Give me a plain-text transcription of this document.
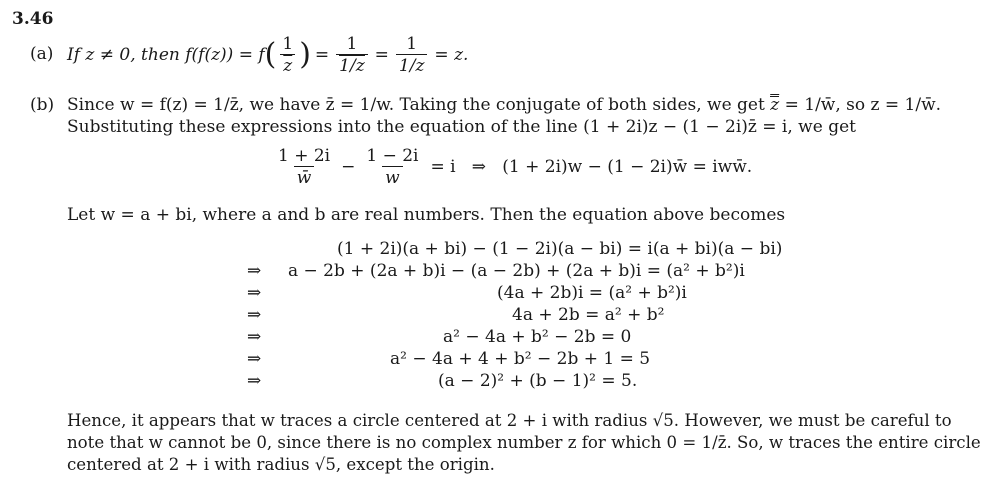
3.46
(a) If z ≠ 0, then f(f(z)) = f ( $\frac{1}{z}$ ) = $\frac{1}{1/z} = \frac{1}{1/z} = z$.
(b) Since w = f(z) = 1/z̄, we have z̄ = 1/w. Taking the conjugate of both sides, we get $\overline{z}$ = 1/w̄, so z = 1/w̄.
Substituting these expressions into the equation of the line (1 + 2i)z − (1 − 2i)z̄ = i, we get
$\frac{1 + 2i}{w̄} - \frac{1 - 2i}{w} = i$   ⇒   (1 + 2i)w − (1 − 2i)w̄ = iww̄.
Let w = a + bi, where a and b are real numbers. Then the equation above becomes
(1 + 2i)(a + bi) − (1 − 2i)(a − bi) = i(a + bi)(a − bi)
⇒ a − 2b + (2a + b)i − (a − 2b) + (2a + b)i = (a² + b²)i
⇒	(4a + 2b)i = (a² + b²)i
⇒	4a + 2b = a² + b²
⇒	a² − 4a + b² − 2b = 0
⇒	a² − 4a + 4 + b² − 2b + 1 = 5
⇒	(a − 2)² + (b − 1)² = 5.
Hence, it appears that w traces a circle centered at 2 + i with radius √5. However, we must be careful to
note that w cannot be 0, since there is no complex number z for which 0 = 1/z̄. So, w traces the entire circle
centered at 2 + i with radius √5, except the origin.
